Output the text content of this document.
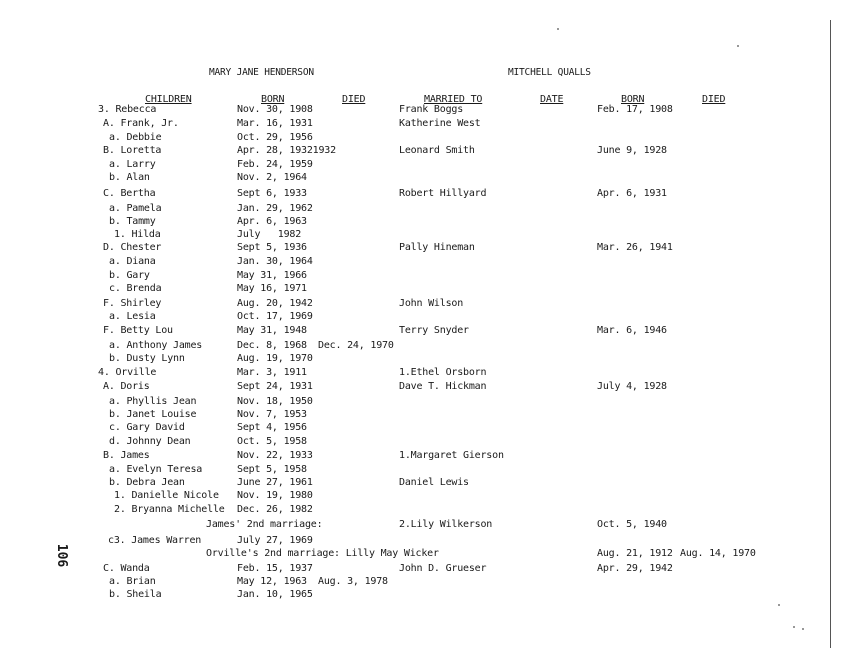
MARY JANE HENDERSON	MITCHELL QUALLS
CHILDREN	BORN	DIED	MARRIED TO	DATE	BORN	DIED
3. Rebecca	Nov. 30, 1908	Frank Boggs	Feb. 17, 1908
A. Frank, Jr.	Mar. 16, 1931	Katherine West
a. Debbie	Oct. 29, 1956
B. Loretta	Apr. 28, 19321932	Leonard Smith	June 9, 1928
a. Larry	Feb. 24, 1959
b. Alan	Nov. 2, 1964
C. Bertha	Sept 6, 1933	Robert Hillyard	Apr. 6, 1931
a. Pamela	Jan. 29, 1962
b. Tammy	Apr. 6, 1963
1. Hilda	July   1982
D. Chester	Sept 5, 1936	Pally Hineman	Mar. 26, 1941
a. Diana	Jan. 30, 1964
b. Gary	May 31, 1966
c. Brenda	May 16, 1971
F. Shirley	Aug. 20, 1942	John Wilson
a. Lesia	Oct. 17, 1969
F. Betty Lou	May 31, 1948	Terry Snyder	Mar. 6, 1946
a. Anthony James	Dec. 8, 1968 Dec. 24, 1970
b. Dusty Lynn	Aug. 19, 1970
4. Orville	Mar. 3, 1911	1.Ethel Orsborn
A. Doris	Sept 24, 1931	Dave T. Hickman	July 4, 1928
a. Phyllis Jean	Nov. 18, 1950
b. Janet Louise	Nov. 7, 1953
c. Gary David	Sept 4, 1956
d. Johnny Dean	Oct. 5, 1958
B. James	Nov. 22, 1933	1.Margaret Gierson
a. Evelyn Teresa	Sept 5, 1958
b. Debra Jean	June 27, 1961	Daniel Lewis
1. Danielle Nicole Nov. 19, 1980
2. Bryanna Michelle Dec. 26, 1982
James' 2nd marriage:	2.Lily Wilkerson	Oct. 5, 1940
c3. James Warren	July 27, 1969
Orville's 2nd marriage: Lilly May Wicker	Aug. 21, 1912 Aug. 14, 1970
C. Wanda	Feb. 15, 1937	John D. Grueser	Apr. 29, 1942
a. Brian	May 12, 1963 Aug. 3, 1978
b. Sheila	Jan. 10, 1965
106
